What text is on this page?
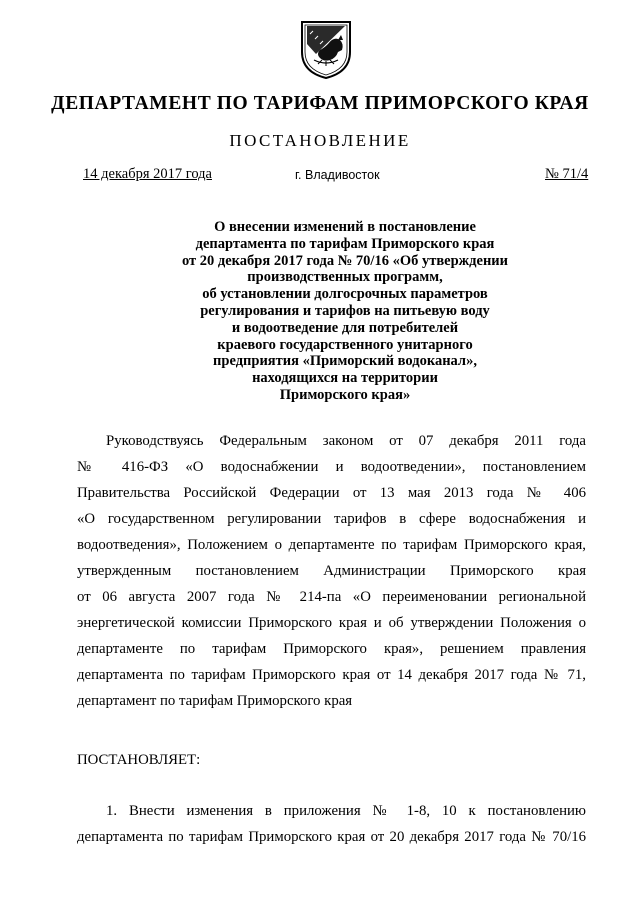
ДЕПАРТАМЕНТ ПО ТАРИФАМ ПРИМОРСКОГО КРАЯ
ПОСТАНОВЛЕНИЕ
14 декабря 2017 года	г. Владивосток	№ 71/4
О внесении изменений в постановление
департамента по тарифам Приморского края
от 20 декабря 2017 года № 70/16 «Об утверждении
производственных программ,
об установлении долгосрочных параметров
регулирования и тарифов на питьевую воду
и водоотведение для потребителей
краевого государственного унитарного
предприятия «Приморский водоканал»,
находящихся на территории
Приморского края»
Руководствуясь Федеральным законом от 07 декабря 2011 года
№ 416-ФЗ «О водоснабжении и водоотведении», постановлением
Правительства Российской Федерации от 13 мая 2013 года № 406
«О государственном регулировании тарифов в сфере водоснабжения и
водоотведения», Положением о департаменте по тарифам Приморского края,
утвержденным постановлением Администрации Приморского края
от 06 августа 2007 года № 214-па «О переименовании региональной
энергетической комиссии Приморского края и об утверждении Положения о
департаменте по тарифам Приморского края», решением правления
департамента по тарифам Приморского края от 14 декабря 2017 года № 71,
департамент по тарифам Приморского края
ПОСТАНОВЛЯЕТ:
1. Внести изменения в приложения № 1-8, 10 к постановлению
департамента по тарифам Приморского края от 20 декабря 2017 года № 70/16
